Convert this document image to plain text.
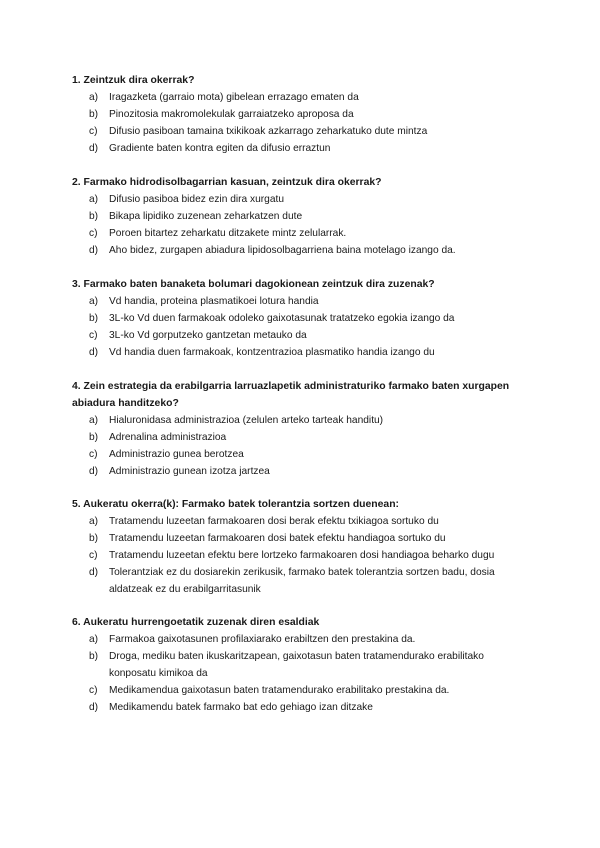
1. Zeintzuk dira okerrak?

a) Iragazketa (garraio mota) gibelean errazago ematen da
b) Pinozitosia makromolekulak garraiatzeko aproposa da
c) Difusio pasiboan tamaina txikikoak azkarrago zeharkatuko dute mintza
d) Gradiente baten kontra egiten da difusio erraztun

2. Farmako hidrodisolbagarrian kasuan, zeintzuk dira okerrak?

a) Difusio pasiboa bidez ezin dira xurgatu
b) Bikapa lipidiko zuzenean zeharkatzen dute
c) Poroen bitartez zeharkatu ditzakete mintz zelularrak.
d) Aho bidez, zurgapen abiadura lipidosolbagarriena baina motelago izango da.

3. Farmako baten banaketa bolumari dagokionean zeintzuk dira zuzenak?

a) Vd handia, proteina plasmatikoei lotura handia
b) 3L-ko Vd duen farmakoak odoleko gaixotasunak tratatzeko egokia izango da
c) 3L-ko Vd gorputzeko gantzetan metauko da
d) Vd handia duen farmakoak, kontzentrazioa plasmatiko handia izango du

4. Zein estrategia da erabilgarria larruazlapetik administraturiko farmako baten xurgapen abiadura handitzeko?

a) Hialuronidasa administrazioa (zelulen arteko tarteak handitu)
b) Adrenalina administrazioa
c) Administrazio gunea berotzea
d) Administrazio gunean izotza jartzea

5. Aukeratu okerra(k): Farmako batek tolerantzia sortzen duenean:

a) Tratamendu luzeetan farmakoaren dosi berak efektu txikiagoa sortuko du
b) Tratamendu luzeetan farmakoaren dosi batek efektu handiagoa sortuko du
c) Tratamendu luzeetan efektu bere lortzeko farmakoaren dosi handiagoa beharko dugu
d) Tolerantziak ez du dosiarekin zerikusik, farmako batek tolerantzia sortzen badu, dosia aldatzeak ez du erabilgarritasunik

6. Aukeratu hurrengoetatik zuzenak diren esaldiak

a) Farmakoa gaixotasunen profilaxiarako erabiltzen den prestakina da.
b) Droga, mediku baten ikuskaritzapean, gaixotasun baten tratamendurako erabilitako konposatu kimikoa da
c) Medikamendua gaixotasun baten tratamendurako erabilitako prestakina da.
d) Medikamendu batek farmako bat edo gehiago izan ditzake
